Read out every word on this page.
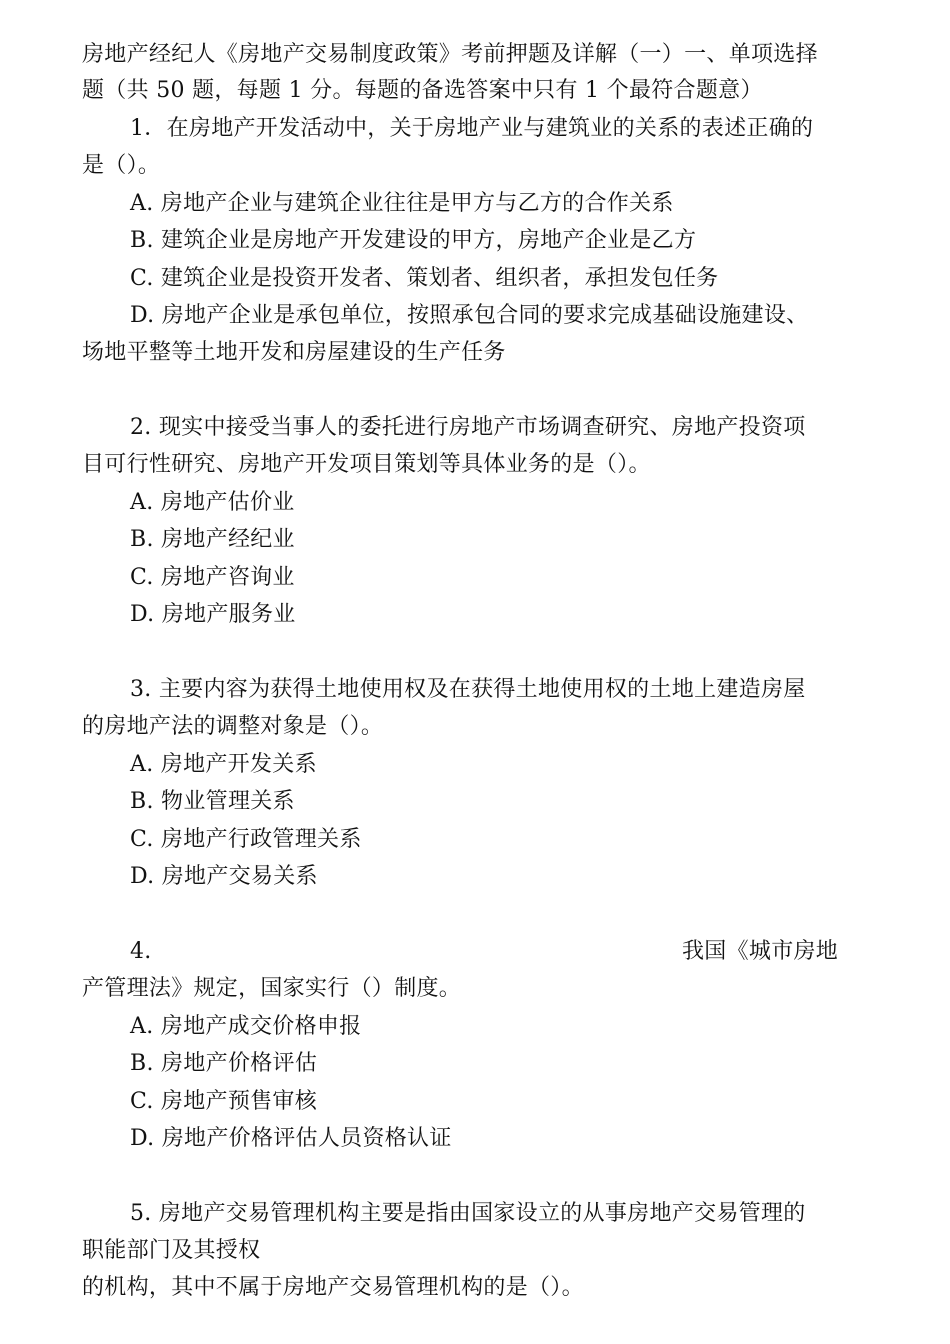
房地产经纪人《房地产交易制度政策》考前押题及详解（一）一、单项选择
题（共 50 题，每题 1 分。每题的备选答案中只有 1 个最符合题意）
1．在房地产开发活动中，关于房地产业与建筑业的关系的表述正确的
是（）。
A. 房地产企业与建筑企业往往是甲方与乙方的合作关系
B. 建筑企业是房地产开发建设的甲方，房地产企业是乙方
C. 建筑企业是投资开发者、策划者、组织者，承担发包任务
D. 房地产企业是承包单位，按照承包合同的要求完成基础设施建设、
场地平整等土地开发和房屋建设的生产任务
2. 现实中接受当事人的委托进行房地产市场调查研究、房地产投资项
目可行性研究、房地产开发项目策划等具体业务的是（）。
A. 房地产估价业
B. 房地产经纪业
C. 房地产咨询业
D. 房地产服务业
3. 主要内容为获得土地使用权及在获得土地使用权的土地上建造房屋
的房地产法的调整对象是（）。
A. 房地产开发关系
B. 物业管理关系
C. 房地产行政管理关系
D. 房地产交易关系
4.	我国《城市房地
产管理法》规定，国家实行（）制度。
A. 房地产成交价格申报
B. 房地产价格评估
C. 房地产预售审核
D. 房地产价格评估人员资格认证
5. 房地产交易管理机构主要是指由国家设立的从事房地产交易管理的
职能部门及其授权
的机构，其中不属于房地产交易管理机构的是（）。
